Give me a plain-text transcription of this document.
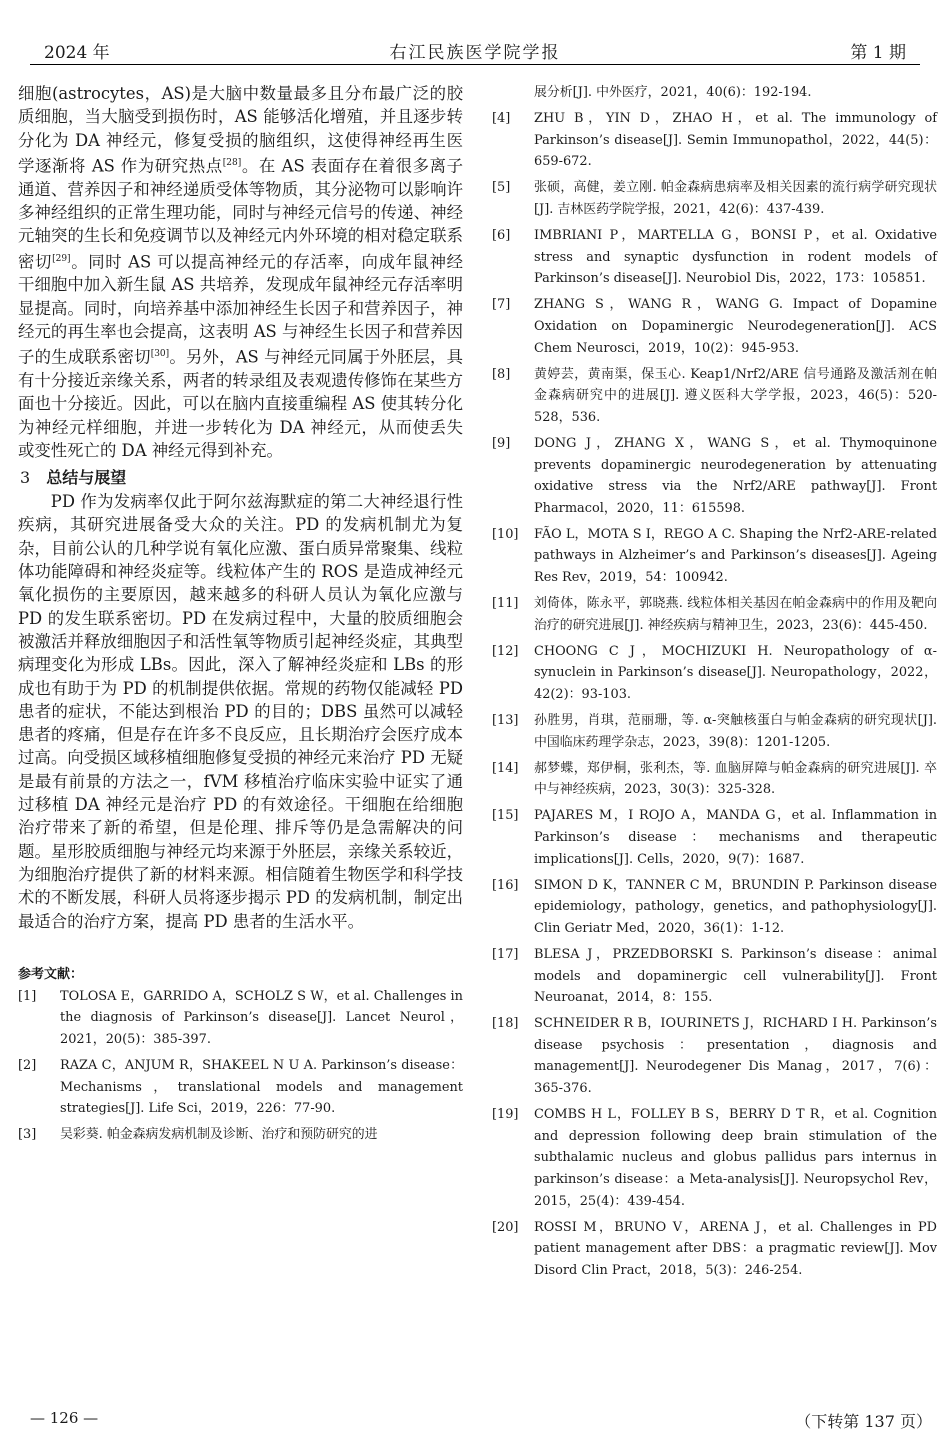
2024 年	右江民族医学院学报	第 1 期

细胞(astrocytes，AS)是大脑中数量最多且分布最广泛的胶质细胞，当大脑受到损伤时，AS 能够活化增殖，并且逐步转分化为 DA 神经元，修复受损的脑组织，这使得神经再生医学逐渐将 AS 作为研究热点[28]。在 AS 表面存在着很多离子通道、营养因子和神经递质受体等物质，其分泌物可以影响许多神经组织的正常生理功能，同时与神经元信号的传递、神经元轴突的生长和免疫调节以及神经元内外环境的相对稳定联系密切[29]。同时 AS 可以提高神经元的存活率，向成年鼠神经干细胞中加入新生鼠 AS 共培养，发现成年鼠神经元存活率明显提高。同时，向培养基中添加神经生长因子和营养因子，神经元的再生率也会提高，这表明 AS 与神经生长因子和营养因子的生成联系密切[30]。另外，AS 与神经元同属于外胚层，具有十分接近亲缘关系，两者的转录组及表观遗传修饰在某些方面也十分接近。因此，可以在脑内直接重编程 AS 使其转分化为神经元样细胞，并进一步转化为 DA 神经元，从而使丢失或变性死亡的 DA 神经元得到补充。

3 总结与展望

PD 作为发病率仅此于阿尔兹海默症的第二大神经退行性疾病，其研究进展备受大众的关注。PD 的发病机制尤为复杂，目前公认的几种学说有氧化应激、蛋白质异常聚集、线粒体功能障碍和神经炎症等。线粒体产生的 ROS 是造成神经元氧化损伤的主要原因，越来越多的科研人员认为氧化应激与 PD 的发生联系密切。PD 在发病过程中，大量的胶质细胞会被激活并释放细胞因子和活性氧等物质引起神经炎症，其典型病理变化为形成 LBs。因此，深入了解神经炎症和 LBs 的形成也有助于为 PD 的机制提供依据。常规的药物仅能减轻 PD 患者的症状，不能达到根治 PD 的目的；DBS 虽然可以减轻患者的疼痛，但是存在许多不良反应，且长期治疗会医疗成本过高。向受损区域移植细胞修复受损的神经元来治疗 PD 无疑是最有前景的方法之一，fVM 移植治疗临床实验中证实了通过移植 DA 神经元是治疗 PD 的有效途径。干细胞在给细胞治疗带来了新的希望，但是伦理、排斥等仍是急需解决的问题。星形胶质细胞与神经元均来源于外胚层，亲缘关系较近，为细胞治疗提供了新的材料来源。相信随着生物医学和科学技术的不断发展，科研人员将逐步揭示 PD 的发病机制，制定出最适合的治疗方案，提高 PD 患者的生活水平。

参考文献：
[1] TOLOSA E，GARRIDO A，SCHOLZ S W，et al. Challenges in the diagnosis of Parkinson’s disease[J]. Lancet Neurol，2021，20(5)：385-397.
[2] RAZA C，ANJUM R，SHAKEEL N U A. Parkinson’s disease：Mechanisms，translational models and management strategies[J]. Life Sci，2019，226：77-90.
[3] 吴彩葵. 帕金森病发病机制及诊断、治疗和预防研究的进
展分析[J]. 中外医疗，2021，40(6)：192-194.
[4] ZHU B，YIN D，ZHAO H，et al. The immunology of Parkinson’s disease[J]. Semin Immunopathol，2022，44(5)：659-672.
[5] 张硕，高健，姜立刚. 帕金森病患病率及相关因素的流行病学研究现状[J]. 吉林医药学院学报，2021，42(6)：437-439.
[6] IMBRIANI P，MARTELLA G，BONSI P，et al. Oxidative stress and synaptic dysfunction in rodent models of Parkinson’s disease[J]. Neurobiol Dis，2022，173：105851.
[7] ZHANG S，WANG R，WANG G. Impact of Dopamine Oxidation on Dopaminergic Neurodegeneration[J]. ACS Chem Neurosci，2019，10(2)：945-953.
[8] 黄婷芸，黄南渠，保玉心. Keap1/Nrf2/ARE 信号通路及激活剂在帕金森病研究中的进展[J]. 遵义医科大学学报，2023，46(5)：520-528，536.
[9] DONG J，ZHANG X，WANG S，et al. Thymoquinone prevents dopaminergic neurodegeneration by attenuating oxidative stress via the Nrf2/ARE pathway[J]. Front Pharmacol，2020，11：615598.
[10] FÃO L，MOTA S I，REGO A C. Shaping the Nrf2-ARE-related pathways in Alzheimer’s and Parkinson’s diseases[J]. Ageing Res Rev，2019，54：100942.
[11] 刘倚体，陈永平，郭晓燕. 线粒体相关基因在帕金森病中的作用及靶向治疗的研究进展[J]. 神经疾病与精神卫生，2023，23(6)：445-450.
[12] CHOONG C J，MOCHIZUKI H. Neuropathology of α-synuclein in Parkinson’s disease[J]. Neuropathology，2022，42(2)：93-103.
[13] 孙胜男，肖琪，范丽珊，等. α-突触核蛋白与帕金森病的研究现状[J]. 中国临床药理学杂志，2023，39(8)：1201-1205.
[14] 郝梦蝶，郑伊桐，张利杰，等. 血脑屏障与帕金森病的研究进展[J]. 卒中与神经疾病，2023，30(3)：325-328.
[15] PAJARES M，I ROJO A，MANDA G，et al. Inflammation in Parkinson’s disease：mechanisms and therapeutic implications[J]. Cells，2020，9(7)：1687.
[16] SIMON D K，TANNER C M，BRUNDIN P. Parkinson disease epidemiology，pathology，genetics，and pathophysiology[J]. Clin Geriatr Med，2020，36(1)：1-12.
[17] BLESA J，PRZEDBORSKI S. Parkinson’s disease：animal models and dopaminergic cell vulnerability[J]. Front Neuroanat，2014，8：155.
[18] SCHNEIDER R B，IOURINETS J，RICHARD I H. Parkinson’s disease psychosis：presentation，diagnosis and management[J]. Neurodegener Dis Manag，2017，7(6)：365-376.
[19] COMBS H L，FOLLEY B S，BERRY D T R，et al. Cognition and depression following deep brain stimulation of the subthalamic nucleus and globus pallidus pars internus in parkinson’s disease：a Meta-analysis[J]. Neuropsychol Rev，2015，25(4)：439-454.
[20] ROSSI M，BRUNO V，ARENA J，et al. Challenges in PD patient management after DBS：a pragmatic review[J]. Mov Disord Clin Pract，2018，5(3)：246-254.
— 126 —	（下转第 137 页）
